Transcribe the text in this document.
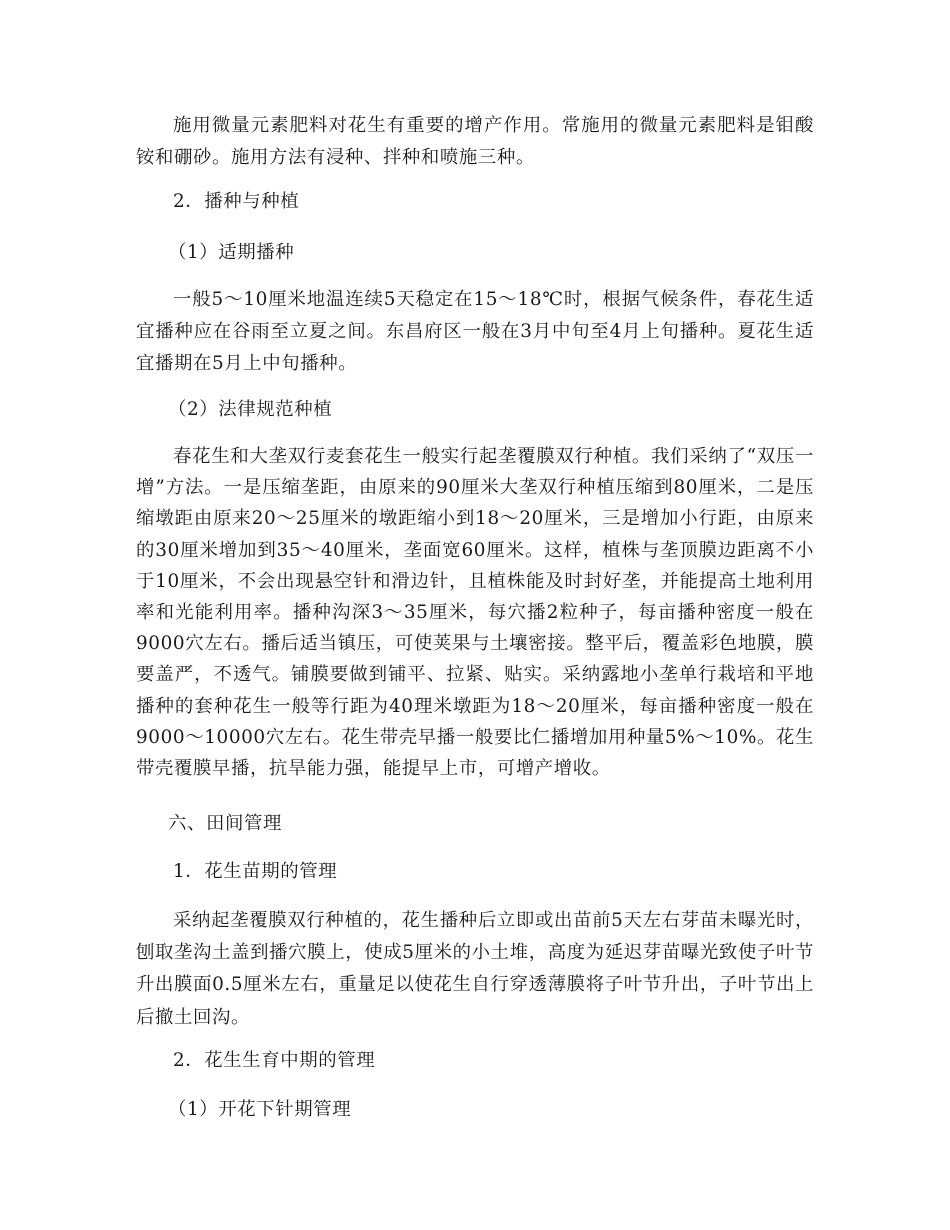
施用微量元素肥料对花生有重要的增产作用。常施用的微量元素肥料是钼酸铵和硼砂。施用方法有浸种、拌种和喷施三种。

2．播种与种植

（1）适期播种

一般5～10厘米地温连续5天稳定在15～18℃时，根据气候条件，春花生适宜播种应在谷雨至立夏之间。东昌府区一般在3月中旬至4月上旬播种。夏花生适宜播期在5月上中旬播种。

（2）法律规范种植

春花生和大垄双行麦套花生一般实行起垄覆膜双行种植。我们采纳了“双压一增”方法。一是压缩垄距，由原来的90厘米大垄双行种植压缩到80厘米，二是压缩墩距由原来20～25厘米的墩距缩小到18～20厘米，三是增加小行距，由原来的30厘米增加到35～40厘米，垄面宽60厘米。这样，植株与垄顶膜边距离不小于10厘米，不会出现悬空针和滑边针，且植株能及时封好垄，并能提高土地利用率和光能利用率。播种沟深3～35厘米，每穴播2粒种子，每亩播种密度一般在9000穴左右。播后适当镇压，可使荚果与土壤密接。整平后，覆盖彩色地膜，膜要盖严，不透气。铺膜要做到铺平、拉紧、贴实。采纳露地小垄单行栽培和平地播种的套种花生一般等行距为40理米墩距为18～20厘米，每亩播种密度一般在9000～10000穴左右。花生带壳早播一般要比仁播增加用种量5%～10%。花生带壳覆膜早播，抗旱能力强，能提早上市，可增产增收。

六、田间管理

1．花生苗期的管理

采纳起垄覆膜双行种植的，花生播种后立即或出苗前5天左右芽苗未曝光时，刨取垄沟土盖到播穴膜上，使成5厘米的小土堆，高度为延迟芽苗曝光致使子叶节升出膜面0.5厘米左右，重量足以使花生自行穿透薄膜将子叶节升出，子叶节出上后撤土回沟。

2．花生生育中期的管理

（1）开花下针期管理
